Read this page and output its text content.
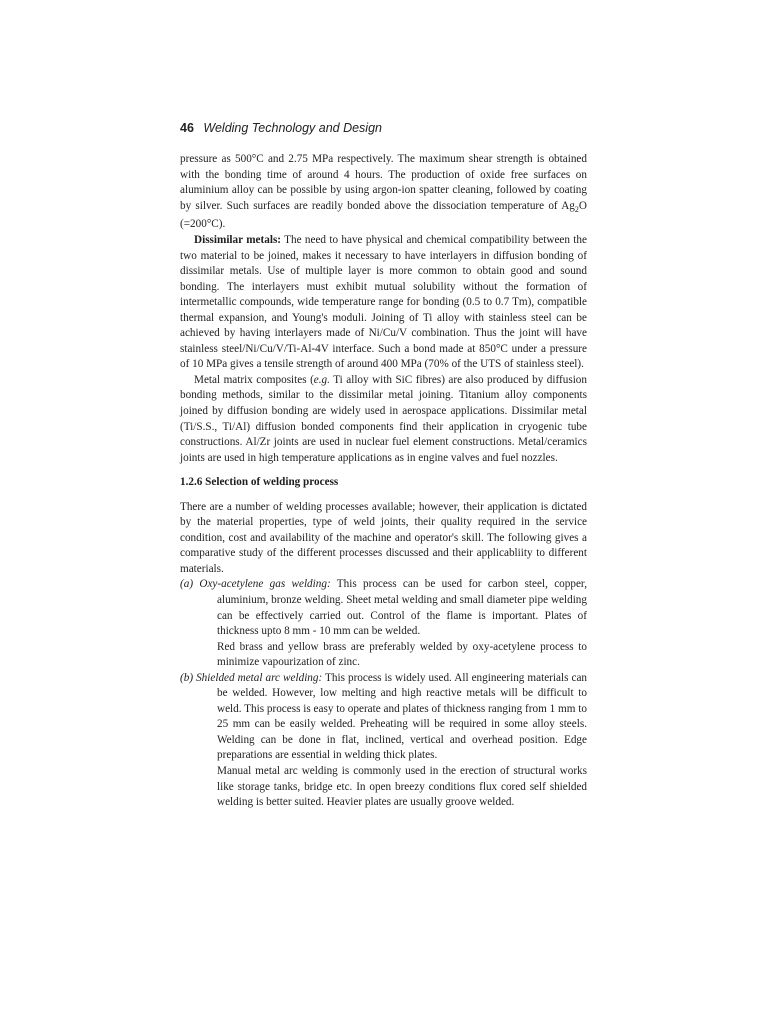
46 Welding Technology and Design

pressure as 500°C and 2.75 MPa respectively. The maximum shear strength is obtained with the bonding time of around 4 hours. The production of oxide free surfaces on aluminium alloy can be possible by using argon-ion spatter cleaning, followed by coating by silver. Such surfaces are readily bonded above the dissociation temperature of $Ag_2O$ (=200°C).

Dissimilar metals: The need to have physical and chemical compatibility between the two material to be joined, makes it necessary to have interlayers in diffusion bonding of dissimilar metals. Use of multiple layer is more common to obtain good and sound bonding. The interlayers must exhibit mutual solubility without the formation of intermetallic compounds, wide temperature range for bonding (0.5 to 0.7 Tm), compatible thermal expansion, and Young's moduli. Joining of Ti alloy with stainless steel can be achieved by having interlayers made of Ni/Cu/V combination. Thus the joint will have stainless steel/Ni/Cu/V/Ti-Al-4V interface. Such a bond made at 850°C under a pressure of 10 MPa gives a tensile strength of around 400 MPa (70% of the UTS of stainless steel).

Metal matrix composites (e.g. Ti alloy with SiC fibres) are also produced by diffusion bonding methods, similar to the dissimilar metal joining. Titanium alloy components joined by diffusion bonding are widely used in aerospace applications. Dissimilar metal (Ti/S.S., Ti/Al) diffusion bonded components find their application in cryogenic tube constructions. Al/Zr joints are used in nuclear fuel element constructions. Metal/ceramics joints are used in high temperature applications as in engine valves and fuel nozzles.

1.2.6 Selection of welding process

There are a number of welding processes available; however, their application is dictated by the material properties, type of weld joints, their quality required in the service condition, cost and availability of the machine and operator's skill. The following gives a comparative study of the different processes discussed and their applicabliity to different materials.

(a) Oxy-acetylene gas welding: This process can be used for carbon steel, copper, aluminium, bronze welding. Sheet metal welding and small diameter pipe welding can be effectively carried out. Control of the flame is important. Plates of thickness upto 8 mm - 10 mm can be welded.

Red brass and yellow brass are preferably welded by oxy-acetylene process to minimize vapourization of zinc.

(b) Shielded metal arc welding: This process is widely used. All engineering materials can be welded. However, low melting and high reactive metals will be difficult to weld. This process is easy to operate and plates of thickness ranging from 1 mm to 25 mm can be easily welded. Preheating will be required in some alloy steels. Welding can be done in flat, inclined, vertical and overhead position. Edge preparations are essential in welding thick plates.

Manual metal arc welding is commonly used in the erection of structural works like storage tanks, bridge etc. In open breezy conditions flux cored self shielded welding is better suited. Heavier plates are usually groove welded.
